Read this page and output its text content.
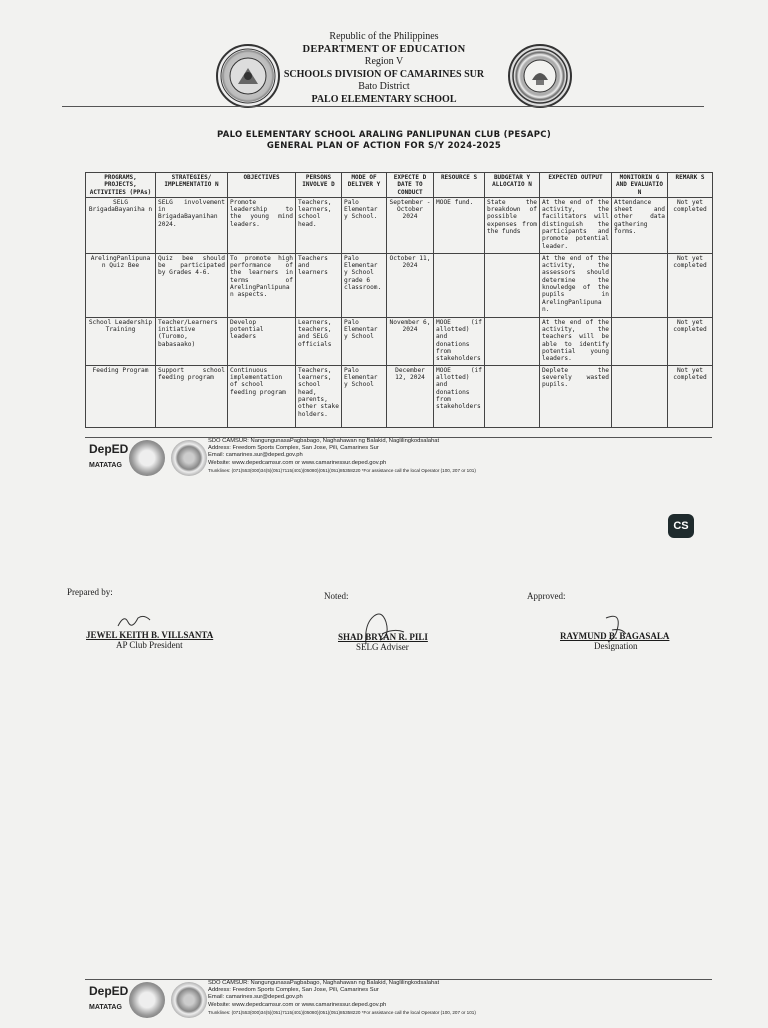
Republic of the Philippines
DEPARTMENT OF EDUCATION
Region V
SCHOOLS DIVISION OF CAMARINES SUR
Bato District
PALO ELEMENTARY SCHOOL
PALO ELEMENTARY SCHOOL ARALING PANLIPUNAN CLUB (PESAPC)
GENERAL PLAN OF ACTION FOR S/Y 2024-2025
PROGRAMS, PROJECTS, ACTIVITIES (PPAs)	STRATEGIES/ IMPLEMENTATIO N	OBJECTIVES	PERSONS INVOLVE D	MODE OF DELIVER Y	EXPECTE D DATE TO CONDUCT	RESOURCE S	BUDGETAR Y ALLOCATIO N	EXPECTED OUTPUT	MONITORIN G AND EVALUATIO N	REMARK S
SELG BrigadaBayaniha n	SELG involvement in BrigadaBayanihan 2024.	Promote leadership to the young mind leaders.	Teachers, learners, school head.	Palo Elementar y School.	September -October 2024	MOOE fund.	State the breakdown of possible expenses from the funds	At the end of the activity, the facilitators will distinguish the participants and promote potential leader.	Attendance sheet and other data gathering forms.	Not yet completed
ArelingPanlipuna n Quiz Bee	Quiz bee should be participated by Grades 4-6.	To promote high performance of the learners in terms of ArelingPanlipuna n aspects.	Teachers and learners	Palo Elementar y School grade 6 classroom.	October 11, 2024			At the end of the activity, the assessors should determine the knowledge of the pupils in ArelingPanlipuna n.		Not yet completed
School Leadership Training	Teacher/Learners initiative (Turomo, babasaako)	Develop potential leaders	Learners, teachers, and SELG officials	Palo Elementar y School	November 6, 2024	MOOE (if allotted) and donations from stakeholders		At the end of the activity, the teachers will be able to identify potential young leaders.		Not yet completed
Feeding Program	Support school feeding program	Continuous implementation of school feeding program	Teachers, learners, school head, parents, other stake holders.	Palo Elementar y School	December 12, 2024	MOOE (if allotted) and donations from stakeholders		Deplete the severely wasted pupils.		Not yet completed
DepED
MATATAG
SDO CAMSUR: NangungunasaPagbabago, Naghahawan ng Balakid, Naglilingkodsalahat
Address: Freedom Sports Complex, San Jose, Pili, Camarines Sur
Email: camarines.sur@deped.gov.ph
Website: www.depedcamsur.com or www.camarinessur.deped.gov.ph
Trunklines: (071)553(000)34(5)(051)7115(401)(05080)(051)(051)85358220 *For assistance call the local Operator (100, 207 or 101)
CS
Prepared by:
JEWEL KEITH B. VILLSANTA
AP Club President
Noted:
SHAD BRYAN R. PILI
SELG Adviser
Approved:
RAYMUND B. BAGASALA
Designation
DepED
MATATAG
SDO CAMSUR: NangungunasaPagbabago, Naghahawan ng Balakid, Naglilingkodsalahat
Address: Freedom Sports Complex, San Jose, Pili, Camarines Sur
Email: camarines.sur@deped.gov.ph
Website: www.depedcamsur.com or www.camarinessur.deped.gov.ph
Trunklines: (071)553(000)34(5)(051)7115(401)(05080)(051)(051)85358220 *For assistance call the local Operator (100, 207 or 101)
